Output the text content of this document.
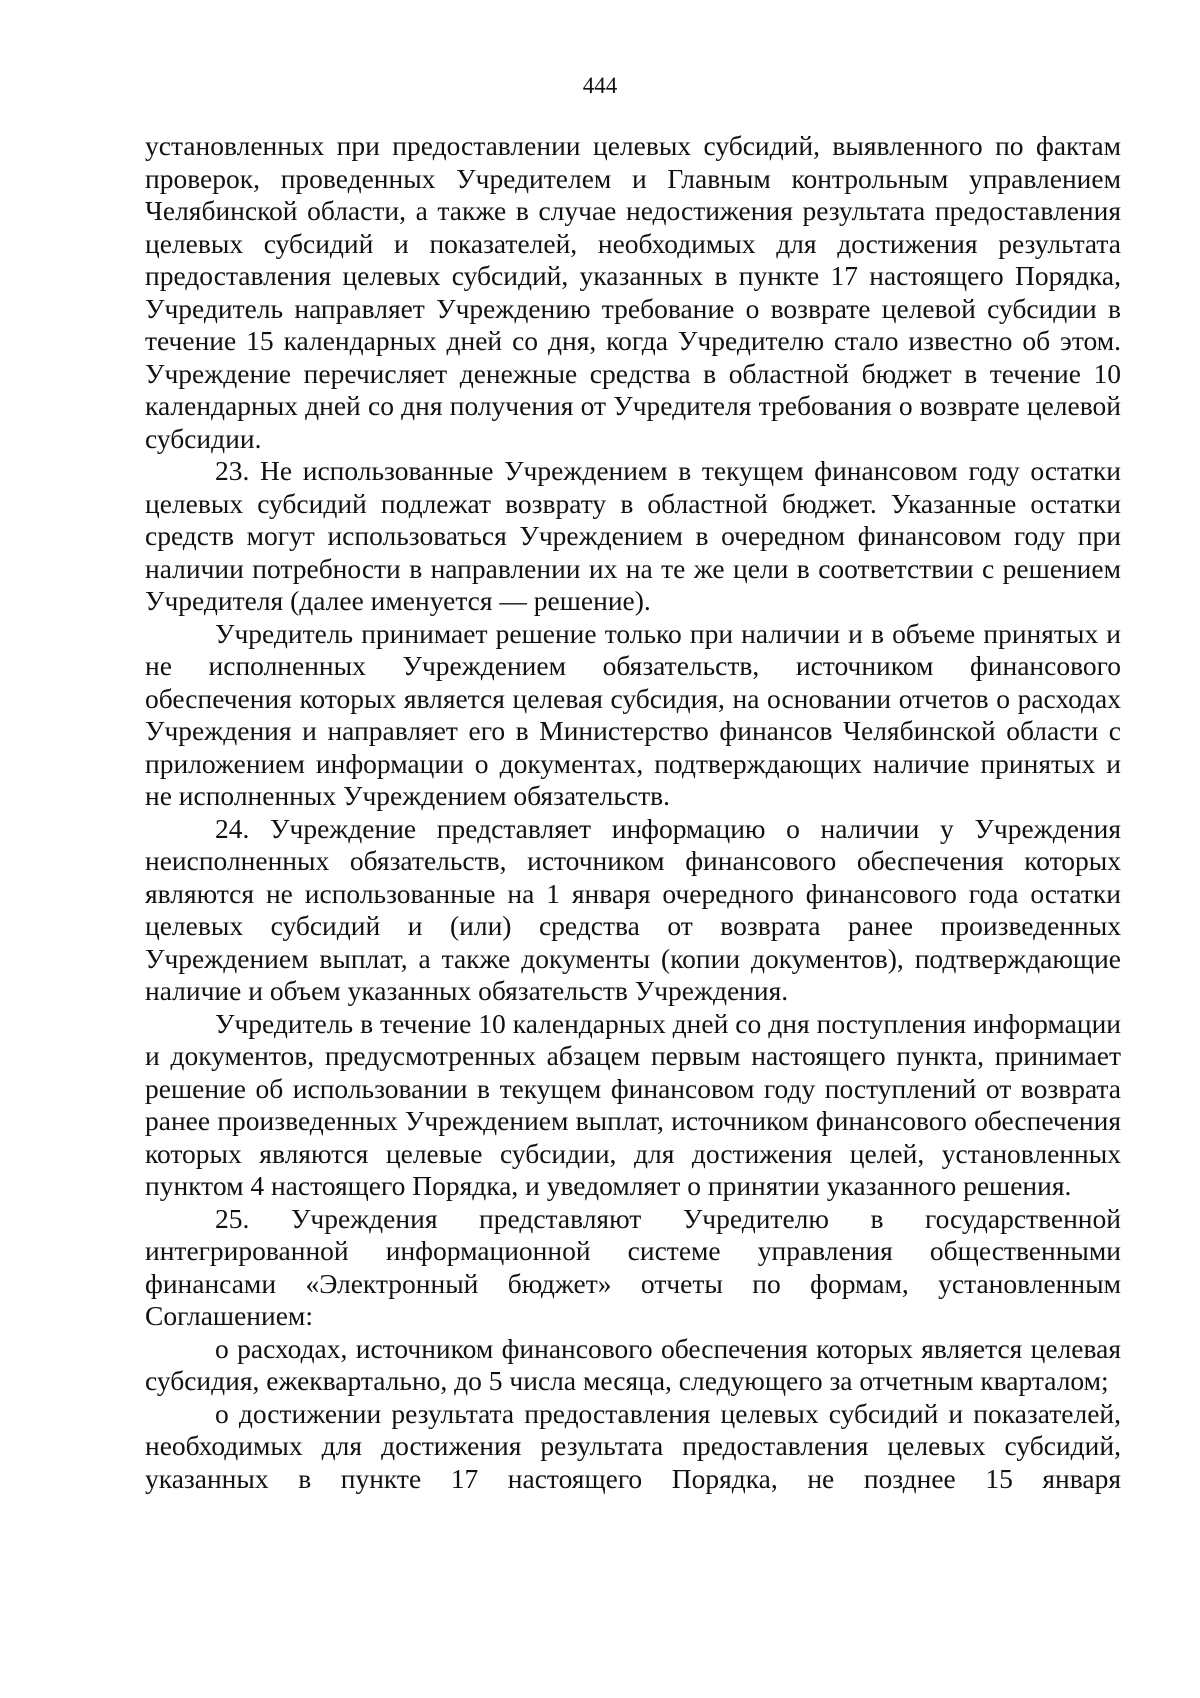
444

установленных при предоставлении целевых субсидий, выявленного по фактам проверок, проведенных Учредителем и Главным контрольным управлением Челябинской области, а также в случае недостижения результата предоставления целевых субсидий и показателей, необходимых для достижения результата предоставления целевых субсидий, указанных в пункте 17 настоящего Порядка, Учредитель направляет Учреждению требование о возврате целевой субсидии в течение 15 календарных дней со дня, когда Учредителю стало известно об этом. Учреждение перечисляет денежные средства в областной бюджет в течение 10 календарных дней со дня получения от Учредителя требования о возврате целевой субсидии.

23. Не использованные Учреждением в текущем финансовом году остатки целевых субсидий подлежат возврату в областной бюджет. Указанные остатки средств могут использоваться Учреждением в очередном финансовом году при наличии потребности в направлении их на те же цели в соответствии с решением Учредителя (далее именуется — решение).

Учредитель принимает решение только при наличии и в объеме принятых и не исполненных Учреждением обязательств, источником финансового обеспечения которых является целевая субсидия, на основании отчетов о расходах Учреждения и направляет его в Министерство финансов Челябинской области с приложением информации о документах, подтверждающих наличие принятых и не исполненных Учреждением обязательств.

24. Учреждение представляет информацию о наличии у Учреждения неисполненных обязательств, источником финансового обеспечения которых являются не использованные на 1 января очередного финансового года остатки целевых субсидий и (или) средства от возврата ранее произведенных Учреждением выплат, а также документы (копии документов), подтверждающие наличие и объем указанных обязательств Учреждения.

Учредитель в течение 10 календарных дней со дня поступления информации и документов, предусмотренных абзацем первым настоящего пункта, принимает решение об использовании в текущем финансовом году поступлений от возврата ранее произведенных Учреждением выплат, источником финансового обеспечения которых являются целевые субсидии, для достижения целей, установленных пунктом 4 настоящего Порядка, и уведомляет о принятии указанного решения.

25. Учреждения представляют Учредителю в государственной интегрированной информационной системе управления общественными финансами «Электронный бюджет» отчеты по формам, установленным Соглашением:

о расходах, источником финансового обеспечения которых является целевая субсидия, ежеквартально, до 5 числа месяца, следующего за отчетным кварталом;

о достижении результата предоставления целевых субсидий и показателей, необходимых для достижения результата предоставления целевых субсидий, указанных в пункте 17 настоящего Порядка, не позднее 15 января
